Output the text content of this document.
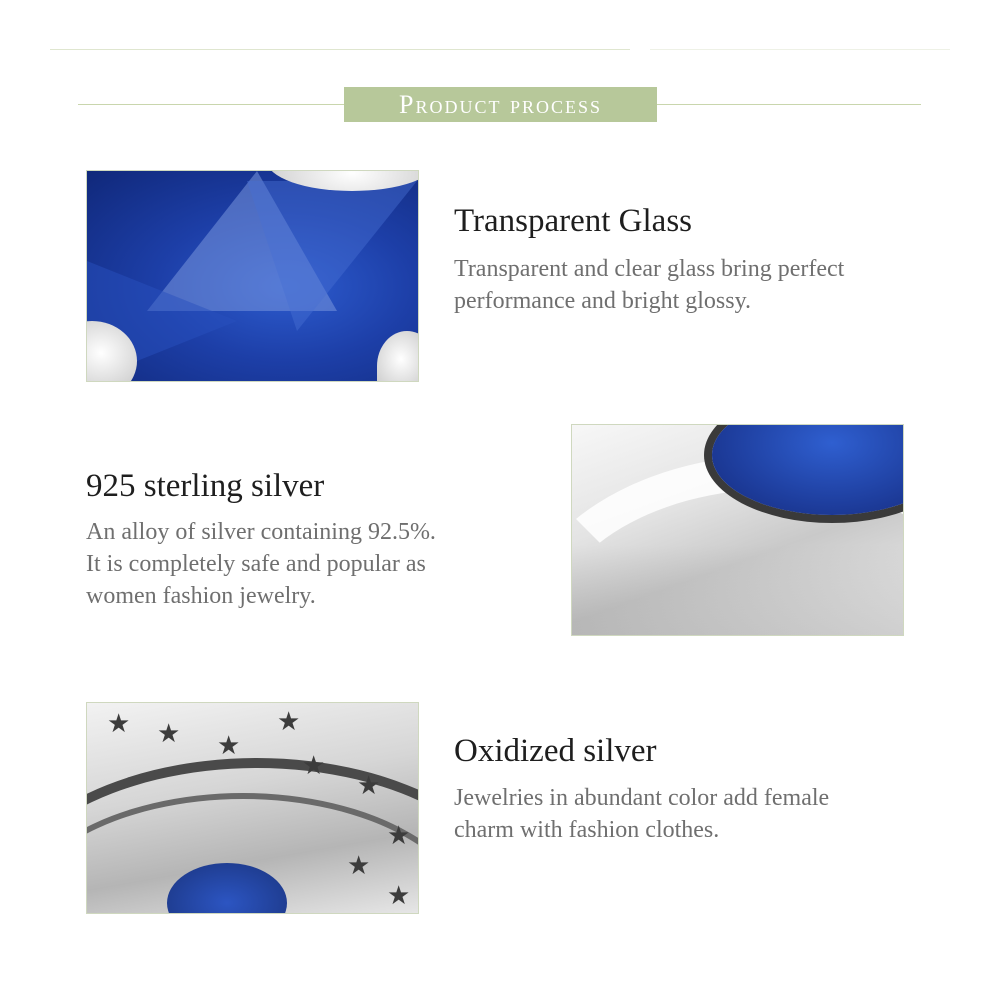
Product process
Transparent Glass
Transparent and clear glass bring perfect
performance and bright glossy.
925 sterling silver
An alloy of silver containing 92.5%.
It is completely safe and popular as
women fashion jewelry.
★ ★ ★
★
★
★
★
★
★
Oxidized silver
Jewelries in abundant color add female
charm with fashion clothes.
